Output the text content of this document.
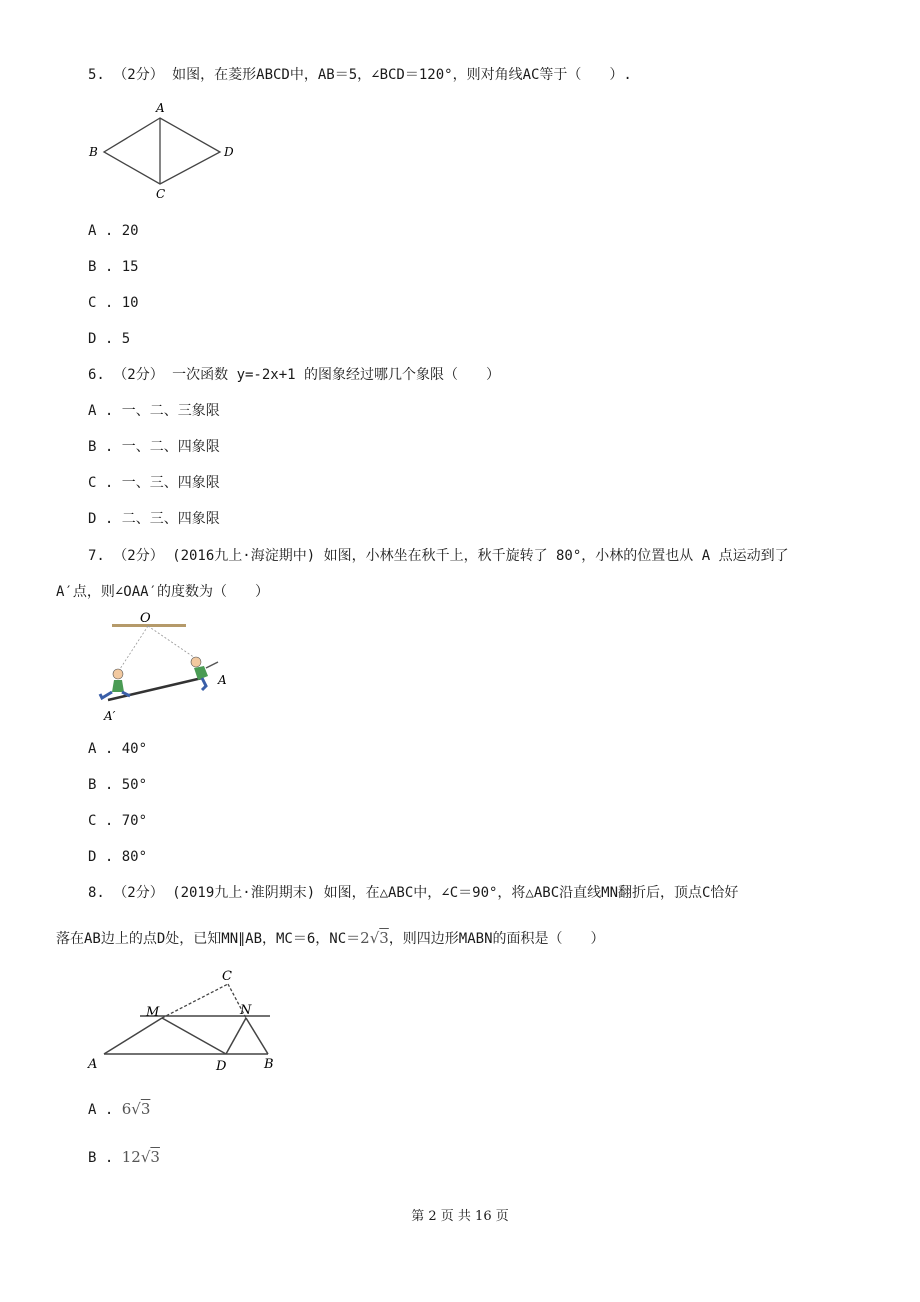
5. （2分） 如图，在菱形ABCD中，AB＝5，∠BCD＝120°，则对角线AC等于（　　）.
A
B
C
D
A . 20
B . 15
C . 10
D . 5
6. （2分） 一次函数 y=-2x+1 的图象经过哪几个象限（　　）
A . 一、二、三象限
B . 一、二、四象限
C . 一、三、四象限
D . 二、三、四象限
7. （2分） (2016九上·海淀期中) 如图，小林坐在秋千上，秋千旋转了 80°，小林的位置也从 A 点运动到了
A′点，则∠OAA′的度数为（　　）
O
A
A′
A . 40°
B . 50°
C . 70°
D . 80°
8. （2分） (2019九上·淮阴期末) 如图，在△ABC中，∠C＝90°，将△ABC沿直线MN翻折后，顶点C恰好
落在AB边上的点D处，已知MN∥AB，MC＝6，NC＝2√3，则四边形MABN的面积是（　　）
C
M	N
A	D	B
A . 6√3
B . 12√3
第 2 页 共 16 页
